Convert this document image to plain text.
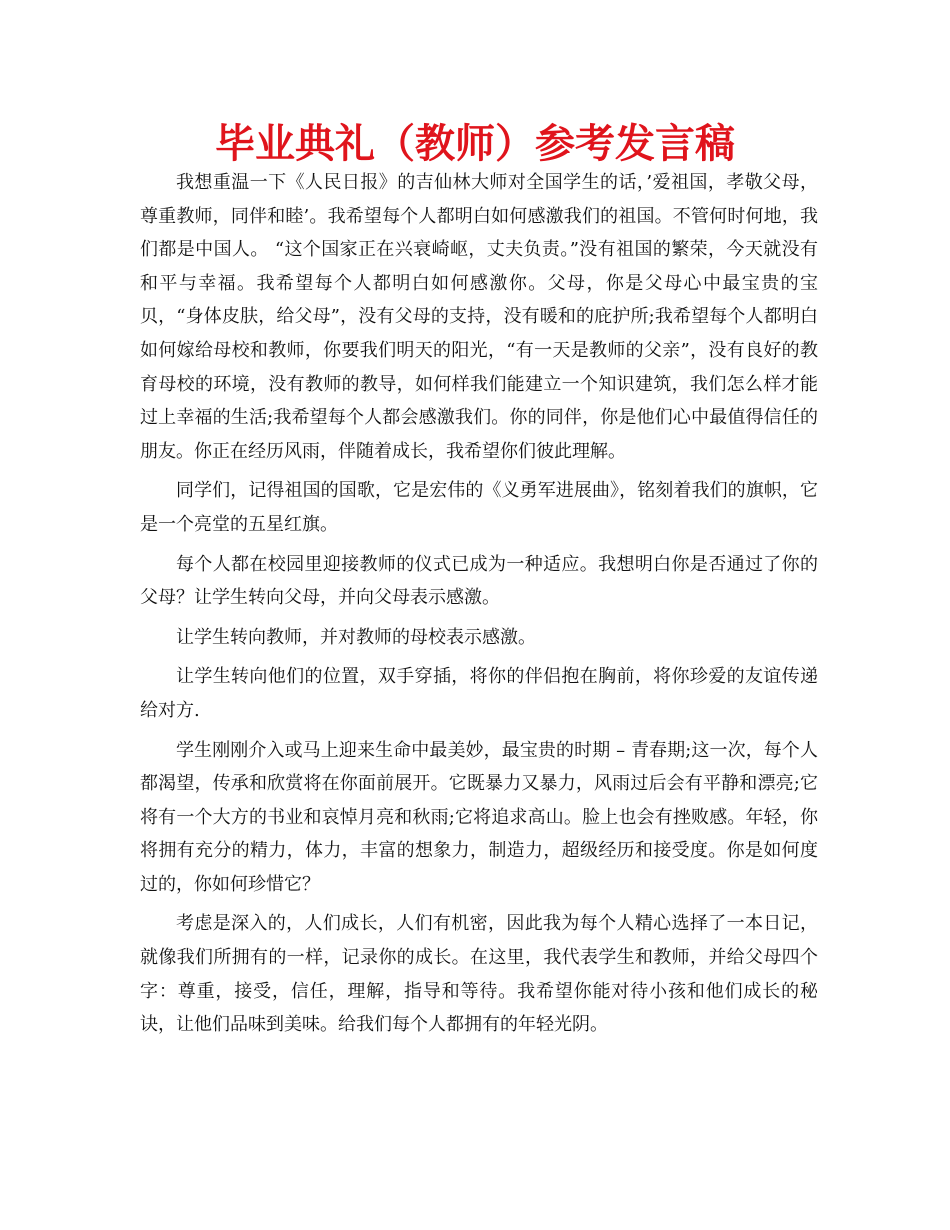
毕业典礼（教师）参考发言稿

我想重温一下《人民日报》的吉仙林大师对全国学生的话，’爱祖国，孝敬父母，尊重教师，同伴和睦’。我希望每个人都明白如何感激我们的祖国。不管何时何地，我们都是中国人。 “这个国家正在兴衰崎岖，丈夫负责。”没有祖国的繁荣，今天就没有和平与幸福。我希望每个人都明白如何感激你。父母，你是父母心中最宝贵的宝贝，“身体皮肤，给父母”，没有父母的支持，没有暖和的庇护所;我希望每个人都明白如何嫁给母校和教师，你要我们明天的阳光，“有一天是教师的父亲”，没有良好的教育母校的环境，没有教师的教导，如何样我们能建立一个知识建筑，我们怎么样才能过上幸福的生活;我希望每个人都会感激我们。你的同伴，你是他们心中最值得信任的朋友。你正在经历风雨，伴随着成长，我希望你们彼此理解。

同学们，记得祖国的国歌，它是宏伟的《义勇军进展曲》，铭刻着我们的旗帜，它是一个亮堂的五星红旗。

每个人都在校园里迎接教师的仪式已成为一种适应。我想明白你是否通过了你的父母？让学生转向父母，并向父母表示感激。

让学生转向教师，并对教师的母校表示感激。

让学生转向他们的位置，双手穿插，将你的伴侣抱在胸前，将你珍爱的友谊传递给对方.

学生刚刚介入或马上迎来生命中最美妙，最宝贵的时期 – 青春期;这一次，每个人都渴望，传承和欣赏将在你面前展开。它既暴力又暴力，风雨过后会有平静和漂亮;它将有一个大方的书业和哀悼月亮和秋雨;它将追求高山。脸上也会有挫败感。年轻，你将拥有充分的精力，体力，丰富的想象力，制造力，超级经历和接受度。你是如何度过的，你如何珍惜它？

考虑是深入的，人们成长，人们有机密，因此我为每个人精心选择了一本日记，就像我们所拥有的一样，记录你的成长。在这里，我代表学生和教师，并给父母四个字：尊重，接受，信任，理解，指导和等待。我希望你能对待小孩和他们成长的秘诀，让他们品味到美味。给我们每个人都拥有的年轻光阴。
